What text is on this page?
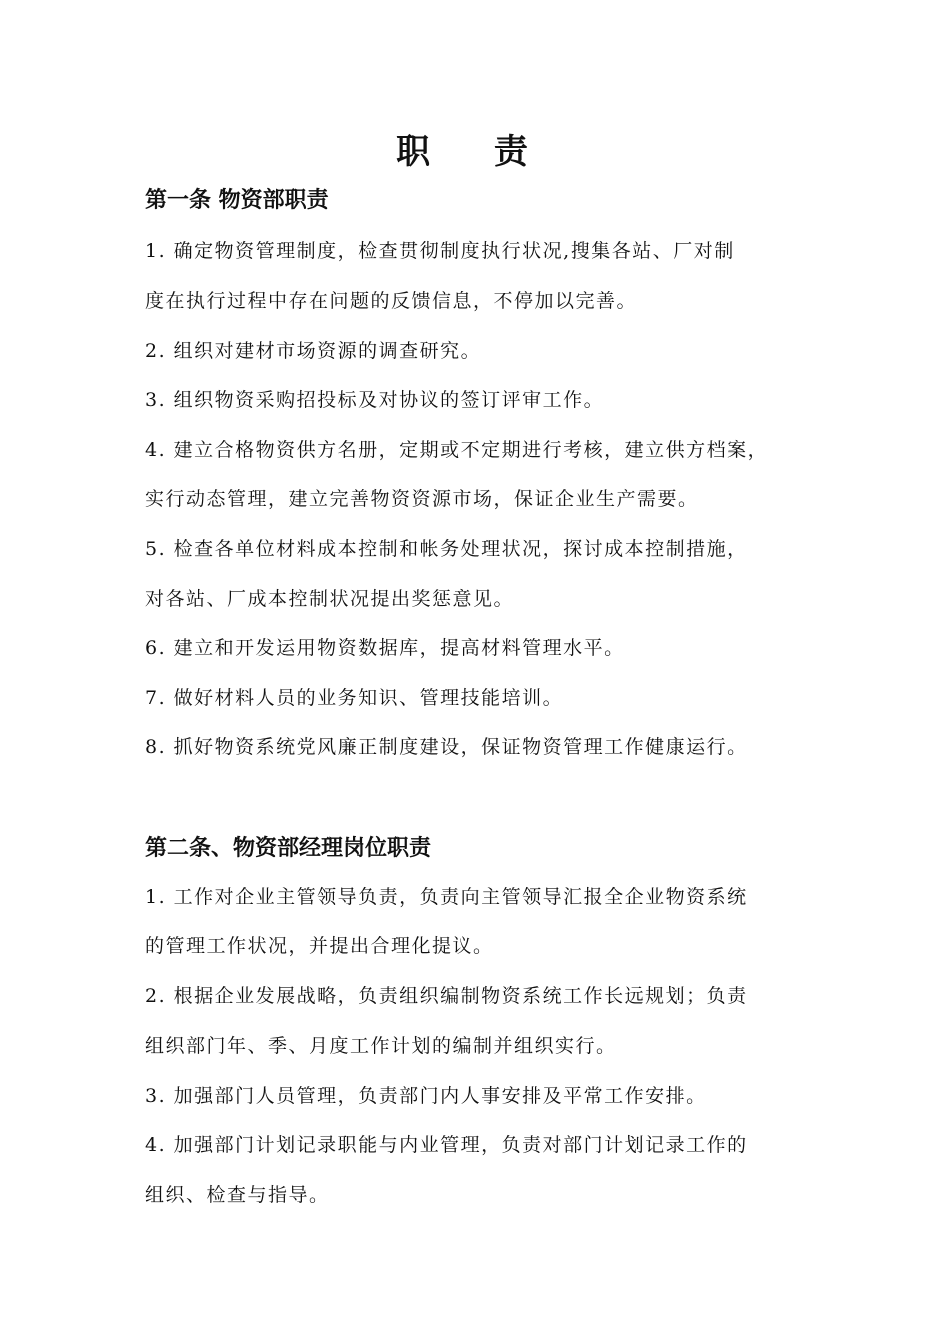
职 责
第一条 物资部职责
1. 确定物资管理制度，检查贯彻制度执行状况,搜集各站、厂对制
度在执行过程中存在问题的反馈信息，不停加以完善。
2. 组织对建材市场资源的调查研究。
3. 组织物资采购招投标及对协议的签订评审工作。
4. 建立合格物资供方名册，定期或不定期进行考核，建立供方档案，
实行动态管理，建立完善物资资源市场，保证企业生产需要。
5. 检查各单位材料成本控制和帐务处理状况，探讨成本控制措施，
对各站、厂成本控制状况提出奖惩意见。
6. 建立和开发运用物资数据库，提高材料管理水平。
7. 做好材料人员的业务知识、管理技能培训。
8. 抓好物资系统党风廉正制度建设，保证物资管理工作健康运行。
第二条、物资部经理岗位职责
1. 工作对企业主管领导负责，负责向主管领导汇报全企业物资系统
的管理工作状况，并提出合理化提议。
2. 根据企业发展战略，负责组织编制物资系统工作长远规划；负责
组织部门年、季、月度工作计划的编制并组织实行。
3. 加强部门人员管理，负责部门内人事安排及平常工作安排。
4. 加强部门计划记录职能与内业管理，负责对部门计划记录工作的
组织、检查与指导。
